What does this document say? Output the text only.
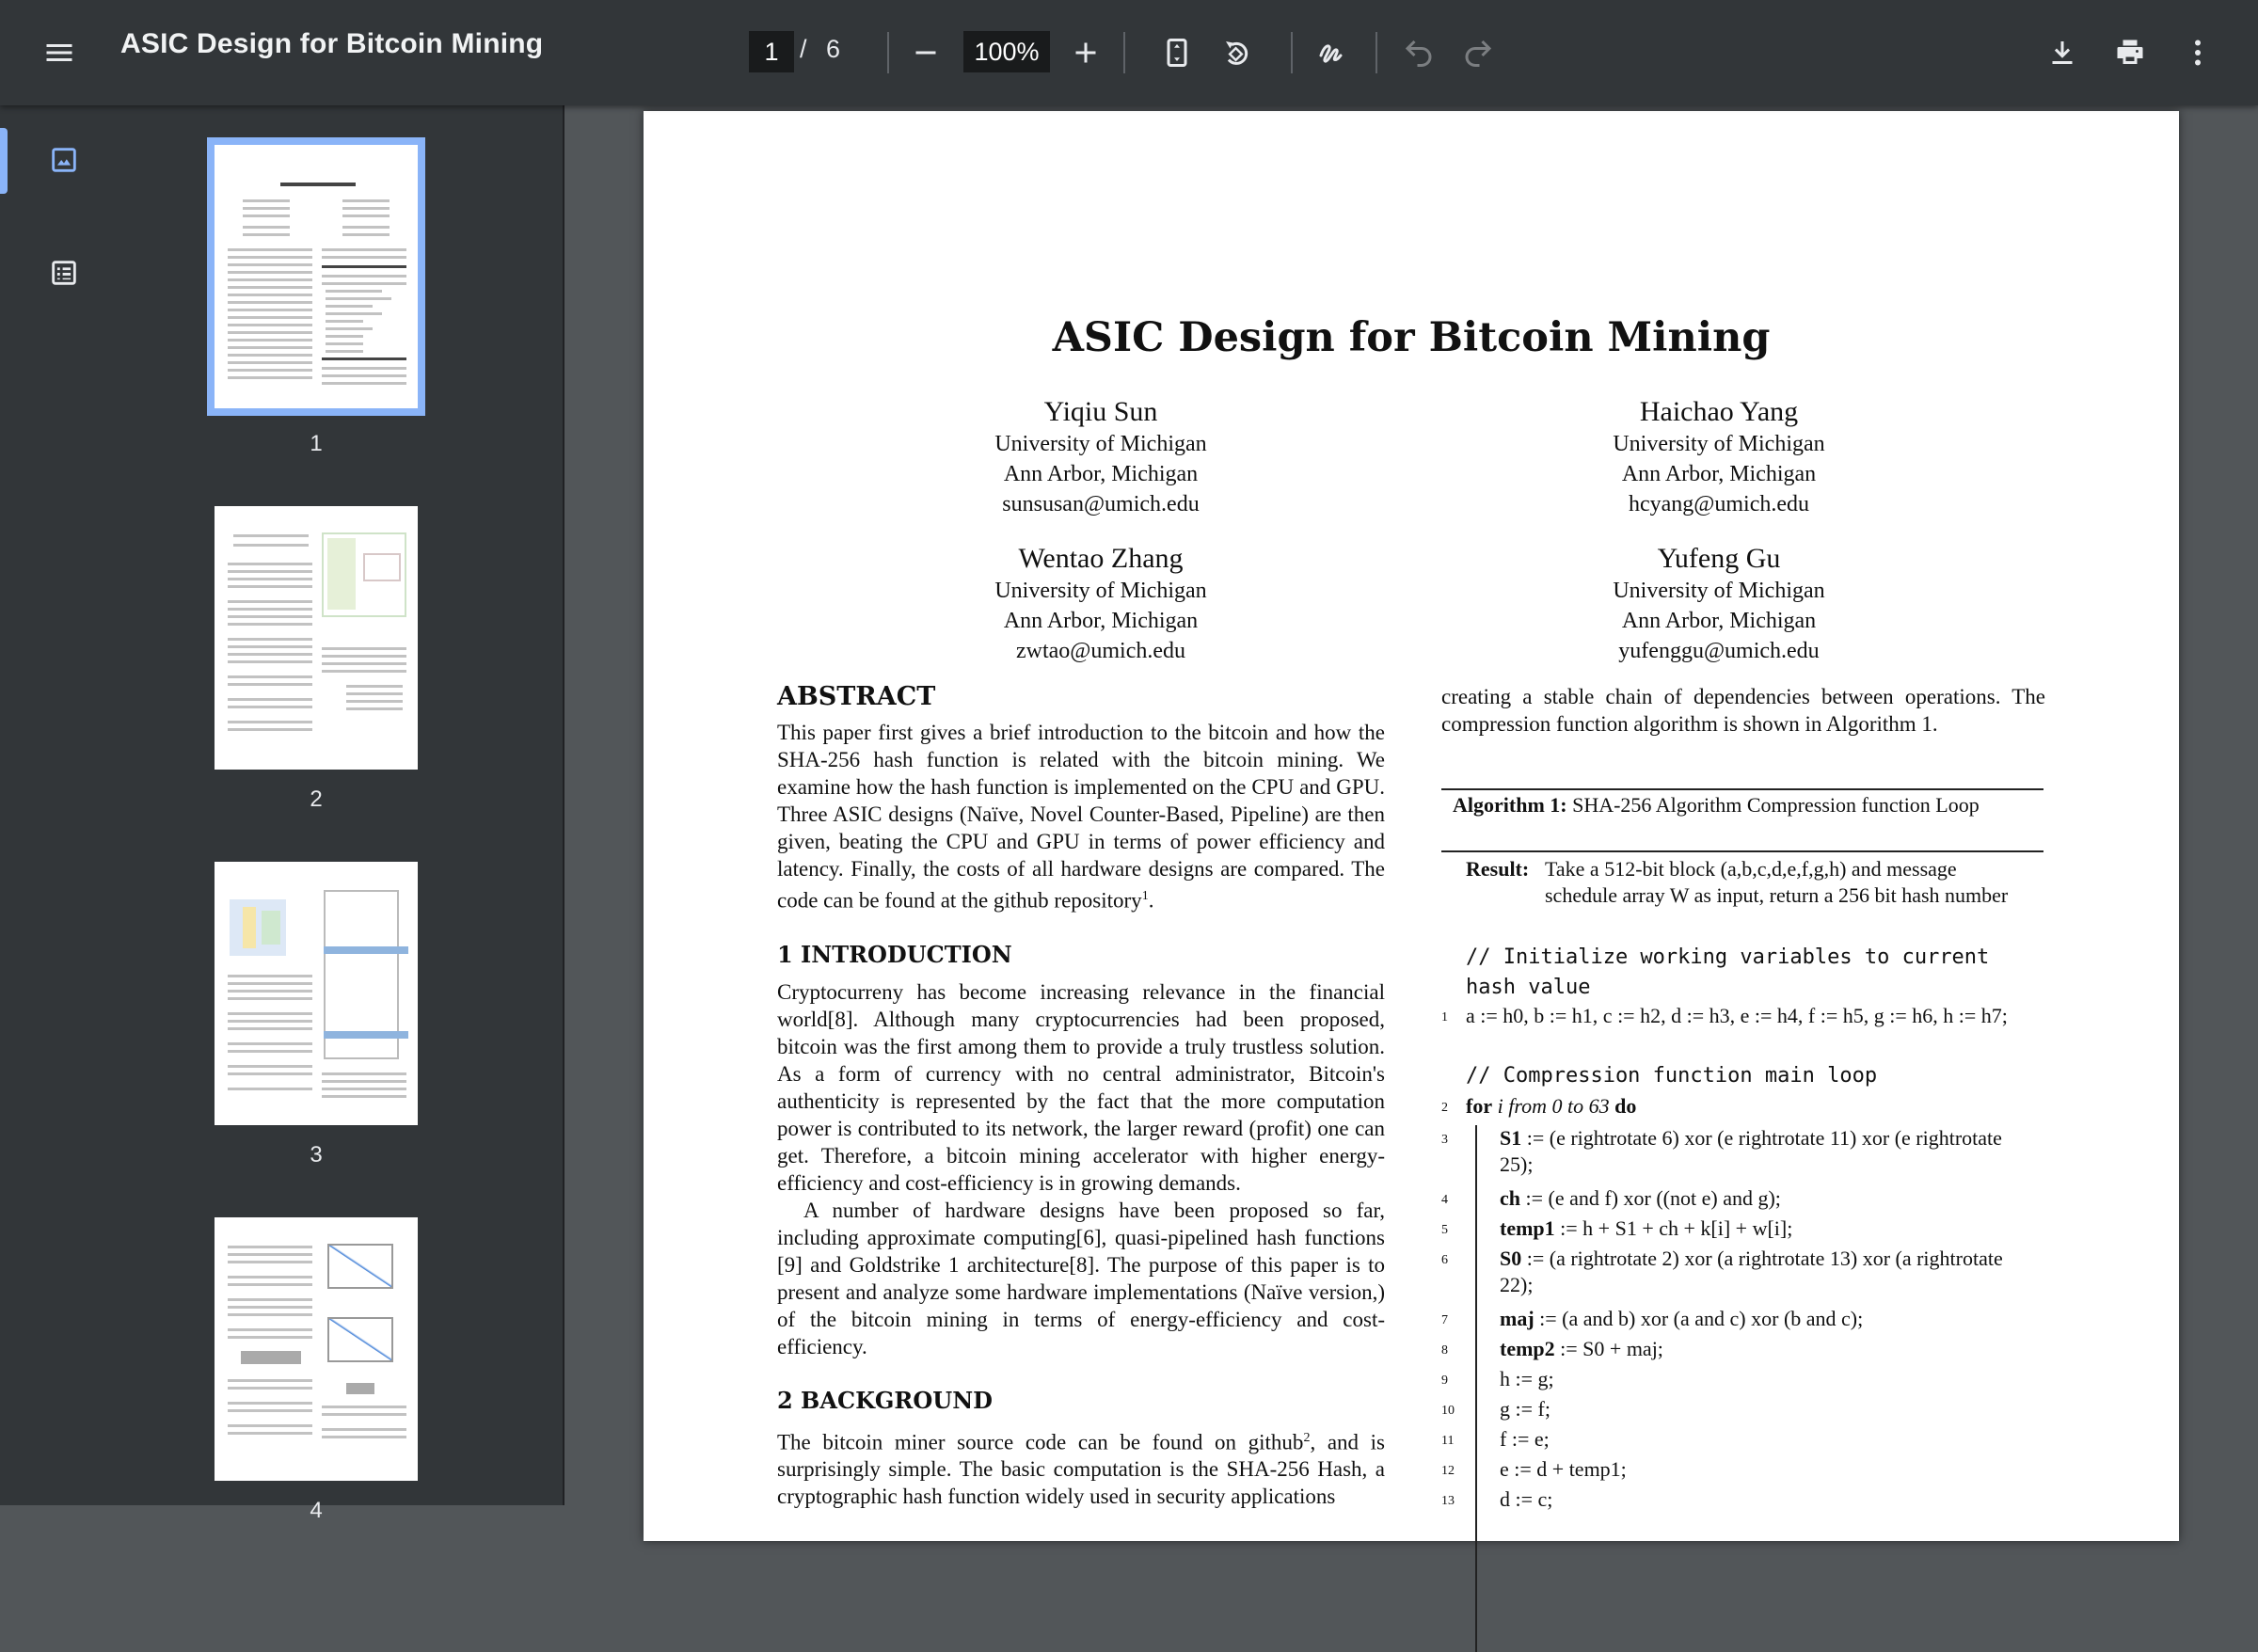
ASIC Design for Bitcoin Mining	1 / 6	100%
1
2
3
4
ASIC Design for Bitcoin Mining
Yiqiu Sun
University of Michigan
Ann Arbor, Michigan
sunsusan@umich.edu
Haichao Yang
University of Michigan
Ann Arbor, Michigan
hcyang@umich.edu
Wentao Zhang
University of Michigan
Ann Arbor, Michigan
zwtao@umich.edu
Yufeng Gu
University of Michigan
Ann Arbor, Michigan
yufenggu@umich.edu
ABSTRACT

This paper first gives a brief introduction to the bitcoin and how the SHA-256 hash function is related with the bitcoin mining. We examine how the hash function is implemented on the CPU and GPU. Three ASIC designs (Naïve, Novel Counter-Based, Pipeline) are then given, beating the CPU and GPU in terms of power efficiency and latency. Finally, the costs of all hardware designs are compared. The code can be found at the github repository$^1$.

1 INTRODUCTION

Cryptocurreny has become increasing relevance in the financial world[8]. Although many cryptocurrencies had been proposed, bitcoin was the first among them to provide a truly trustless solution. As a form of currency with no central administrator, Bitcoin's authenticity is represented by the fact that the more computation power is contributed to its network, the larger reward (profit) one can get. Therefore, a bitcoin mining accelerator with higher energy-efficiency and cost-efficiency is in growing demands.

A number of hardware designs have been proposed so far, including approximate computing[6], quasi-pipelined hash functions [9] and Goldstrike 1 architecture[8]. The purpose of this paper is to present and analyze some hardware implementations (Naïve version,) of the bitcoin mining in terms of energy-efficiency and cost-efficiency.

2 BACKGROUND

The bitcoin miner source code can be found on github$^2$, and is surprisingly simple. The basic computation is the SHA-256 Hash, a cryptographic hash function widely used in security applications

creating a stable chain of dependencies between operations. The compression function algorithm is shown in Algorithm 1.
Algorithm 1: SHA-256 Algorithm Compression function Loop
Result: Take a 512-bit block (a,b,c,d,e,f,g,h) and message schedule array W as input, return a 256 bit hash number
// Initialize working variables to current hash value
1 a := h0, b := h1, c := h2, d := h3, e := h4, f := h5, g := h6, h := h7;
// Compression function main loop
2 for i from 0 to 63 do
3	S1 := (e rightrotate 6) xor (e rightrotate 11) xor (e rightrotate 25);
4	ch := (e and f) xor ((not e) and g);
5	temp1 := h + S1 + ch + k[i] + w[i];
6	S0 := (a rightrotate 2) xor (a rightrotate 13) xor (a rightrotate 22);
7	maj := (a and b) xor (a and c) xor (b and c);
8	temp2 := S0 + maj;
9	h := g;
10	g := f;
11	f := e;
12	e := d + temp1;
13	d := c;
